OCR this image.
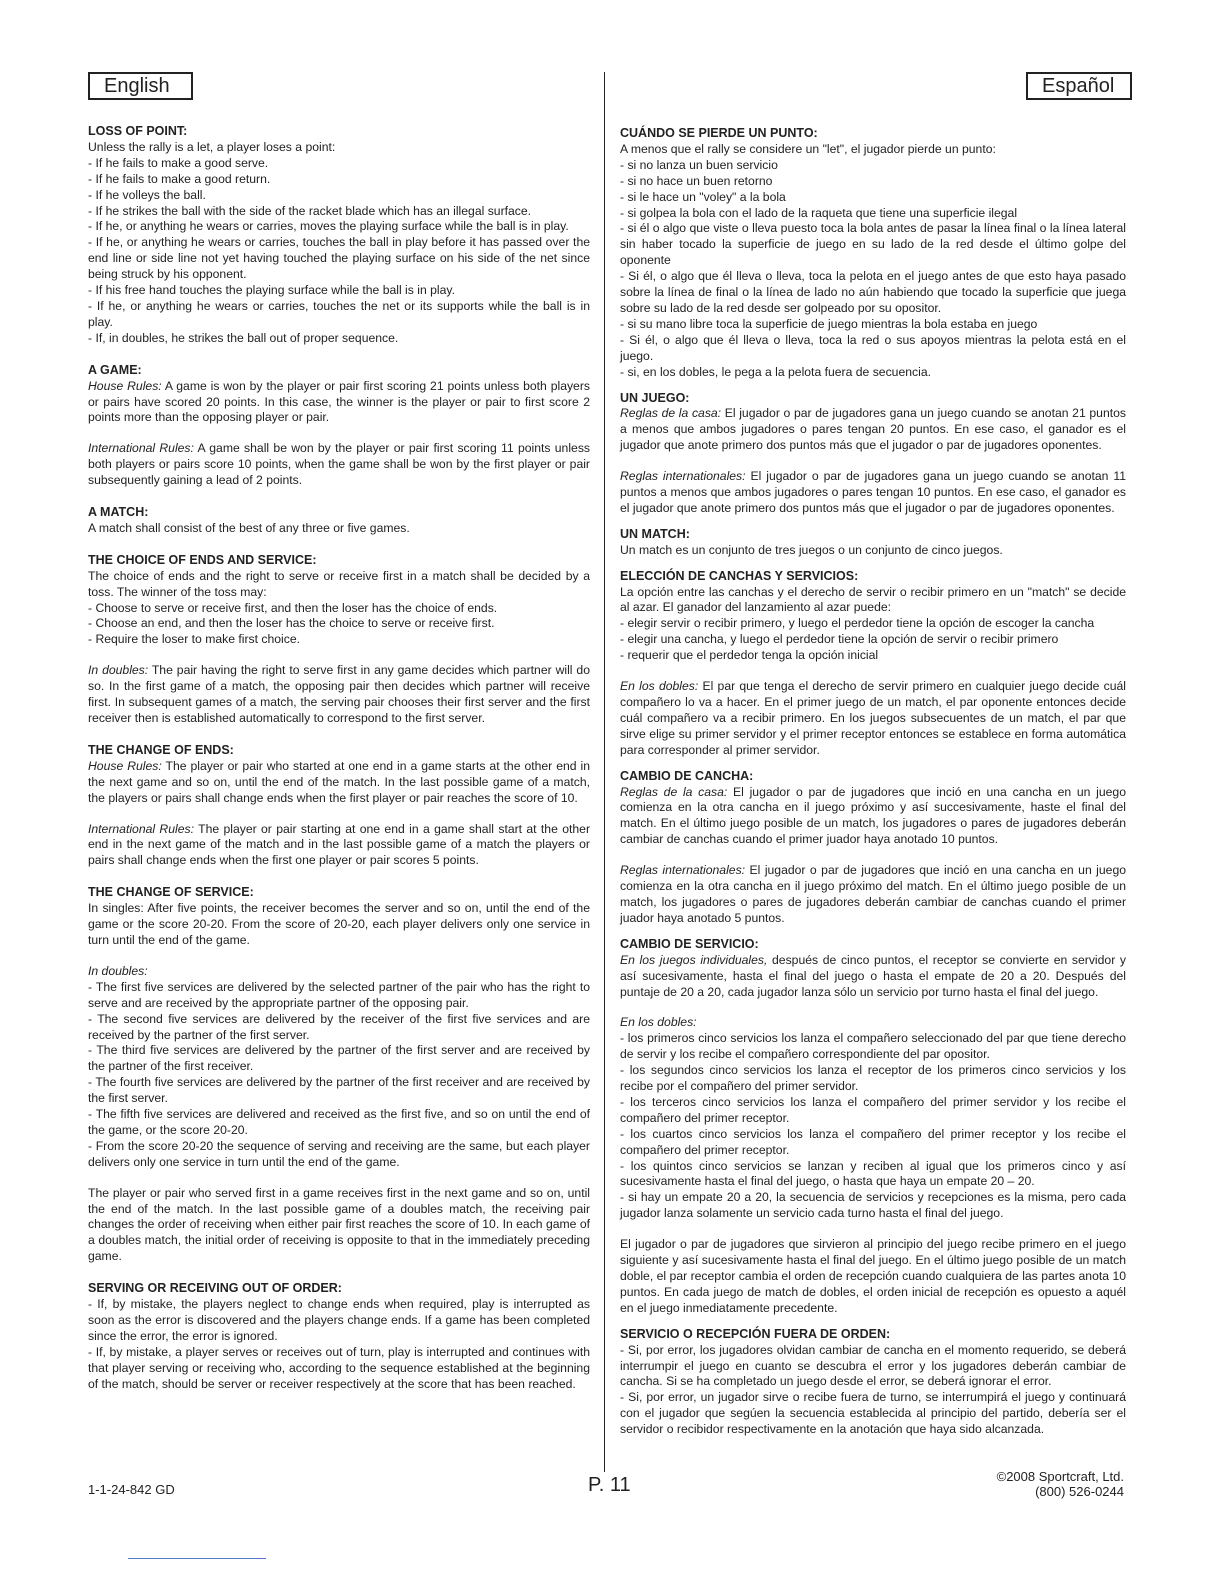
English	Español
LOSS OF POINT:
Unless the rally is a let, a player loses a point:
- If he fails to make a good serve.
- If he fails to make a good return.
- If he volleys the ball.
- If he strikes the ball with the side of the racket blade which has an illegal surface.
- If he, or anything he wears or carries, moves the playing surface while the ball is in play.
- If he, or anything he wears or carries, touches the ball in play before it has passed over the end line or side line not yet having touched the playing surface on his side of the net since being struck by his opponent.
- If his free hand touches the playing surface while the ball is in play.
- If he, or anything he wears or carries, touches the net or its supports while the ball is in play.
- If, in doubles, he strikes the ball out of proper sequence.
A GAME:

House Rules: A game is won by the player or pair first scoring 21 points unless both players or pairs have scored 20 points. In this case, the winner is the player or pair to first score 2 points more than the opposing player or pair.

International Rules: A game shall be won by the player or pair first scoring 11 points unless both players or pairs score 10 points, when the game shall be won by the first player or pair subsequently gaining a lead of 2 points.

A MATCH:
A match shall consist of the best of any three or five games.
THE CHOICE OF ENDS AND SERVICE:
The choice of ends and the right to serve or receive first in a match shall be decided by a toss. The winner of the toss may:
- Choose to serve or receive first, and then the loser has the choice of ends.
- Choose an end, and then the loser has the choice to serve or receive first.
- Require the loser to make first choice.

In doubles: The pair having the right to serve first in any game decides which partner will do so. In the first game of a match, the opposing pair then decides which partner will receive first. In subsequent games of a match, the serving pair chooses their first server and the first receiver then is established automatically to correspond to the first server.

THE CHANGE OF ENDS:

House Rules: The player or pair who started at one end in a game starts at the other end in the next game and so on, until the end of the match. In the last possible game of a match, the players or pairs shall change ends when the first player or pair reaches the score of 10.

International Rules: The player or pair starting at one end in a game shall start at the other end in the next game of the match and in the last possible game of a match the players or pairs shall change ends when the first one player or pair scores 5 points.

THE CHANGE OF SERVICE:

In singles: After five points, the receiver becomes the server and so on, until the end of the game or the score 20-20. From the score of 20-20, each player delivers only one service in turn until the end of the game.

In doubles:
- The first five services are delivered by the selected partner of the pair who has the right to serve and are received by the appropriate partner of the opposing pair.
- The second five services are delivered by the receiver of the first five services and are received by the partner of the first server.
- The third five services are delivered by the partner of the first server and are received by the partner of the first receiver.
- The fourth five services are delivered by the partner of the first receiver and are received by the first server.
- The fifth five services are delivered and received as the first five, and so on until the end of the game, or the score 20-20.
- From the score 20-20 the sequence of serving and receiving are the same, but each player delivers only one service in turn until the end of the game.

The player or pair who served first in a game receives first in the next game and so on, until the end of the match. In the last possible game of a doubles match, the receiving pair changes the order of receiving when either pair first reaches the score of 10. In each game of a doubles match, the initial order of receiving is opposite to that in the immediately preceding game.

SERVING OR RECEIVING OUT OF ORDER:
- If, by mistake, the players neglect to change ends when required, play is interrupted as soon as the error is discovered and the players change ends. If a game has been completed since the error, the error is ignored.
- If, by mistake, a player serves or receives out of turn, play is interrupted and continues with that player serving or receiving who, according to the sequence established at the beginning of the match, should be server or receiver respectively at the score that has been reached.
CUÁNDO SE PIERDE UN PUNTO:
A menos que el rally se considere un "let", el jugador pierde un punto:
- si no lanza un buen servicio
- si no hace un buen retorno
- si le hace un "voley" a la bola
- si golpea la bola con el lado de la raqueta que tiene una superficie ilegal
- si él o algo que viste o lleva puesto toca la bola antes de pasar la línea final o la línea lateral sin haber tocado la superficie de juego en su lado de la red desde el último golpe del oponente
- Si él, o algo que él lleva o lleva, toca la pelota en el juego antes de que esto haya pasado sobre la línea de final o la línea de lado no aún habiendo que tocado la superficie que juega sobre su lado de la red desde ser golpeado por su opositor.
- si su mano libre toca la superficie de juego mientras la bola estaba en juego
- Si él, o algo que él lleva o lleva, toca la red o sus apoyos mientras la pelota está en el juego.
- si, en los dobles, le pega a la pelota fuera de secuencia.
UN JUEGO:

Reglas de la casa: El jugador o par de jugadores gana un juego cuando se anotan 21 puntos a menos que ambos jugadores o pares tengan 20 puntos. En ese caso, el ganador es el jugador que anote primero dos puntos más que el jugador o par de jugadores oponentes.

Reglas internationales: El jugador o par de jugadores gana un juego cuando se anotan 11 puntos a menos que ambos jugadores o pares tengan 10 puntos. En ese caso, el ganador es el jugador que anote primero dos puntos más que el jugador o par de jugadores oponentes.

UN MATCH:
Un match es un conjunto de tres juegos o un conjunto de cinco juegos.
ELECCIÓN DE CANCHAS Y SERVICIOS:
La opción entre las canchas y el derecho de servir o recibir primero en un "match" se decide al azar. El ganador del lanzamiento al azar puede:
- elegir servir o recibir primero, y luego el perdedor tiene la opción de escoger la cancha
- elegir una cancha, y luego el perdedor tiene la opción de servir o recibir primero
- requerir que el perdedor tenga la opción inicial

En los dobles: El par que tenga el derecho de servir primero en cualquier juego decide cuál compañero lo va a hacer. En el primer juego de un match, el par oponente entonces decide cuál compañero va a recibir primero. En los juegos subsecuentes de un match, el par que sirve elige su primer servidor y el primer receptor entonces se establece en forma automática para corresponder al primer servidor.

CAMBIO DE CANCHA:

Reglas de la casa: El jugador o par de jugadores que inció en una cancha en un juego comienza en la otra cancha en il juego próximo y así succesivamente, haste el final del match. En el último juego posible de un match, los jugadores o pares de jugadores deberán cambiar de canchas cuando el primer juador haya anotado 10 puntos.

Reglas internationales: El jugador o par de jugadores que inció en una cancha en un juego comienza en la otra cancha en il juego próximo del match. En el último juego posible de un match, los jugadores o pares de jugadores deberán cambiar de canchas cuando el primer juador haya anotado 5 puntos.

CAMBIO DE SERVICIO:

En los juegos individuales, después de cinco puntos, el receptor se convierte en servidor y así sucesivamente, hasta el final del juego o hasta el empate de 20 a 20. Después del puntaje de 20 a 20, cada jugador lanza sólo un servicio por turno hasta el final del juego.

En los dobles:
- los primeros cinco servicios los lanza el compañero seleccionado del par que tiene derecho de servir y los recibe el compañero correspondiente del par opositor.
- los segundos cinco servicios los lanza el receptor de los primeros cinco servicios y los recibe por el compañero del primer servidor.
- los terceros cinco servicios los lanza el compañero del primer servidor y los recibe el compañero del primer receptor.
- los cuartos cinco servicios los lanza el compañero del primer receptor y los recibe el compañero del primer receptor.
- los quintos cinco servicios se lanzan y reciben al igual que los primeros cinco y así sucesivamente hasta el final del juego, o hasta que haya un empate 20 – 20.
- si hay un empate 20 a 20, la secuencia de servicios y recepciones es la misma, pero cada jugador lanza solamente un servicio cada turno hasta el final del juego.

El jugador o par de jugadores que sirvieron al principio del juego recibe primero en el juego siguiente y así sucesivamente hasta el final del juego. En el último juego posible de un match doble, el par receptor cambia el orden de recepción cuando cualquiera de las partes anota 10 puntos. En cada juego de match de dobles, el orden inicial de recepción es opuesto a aquél en el juego inmediatamente precedente.

SERVICIO O RECEPCIÓN FUERA DE ORDEN:
- Si, por error, los jugadores olvidan cambiar de cancha en el momento requerido, se deberá interrumpir el juego en cuanto se descubra el error y los jugadores deberán cambiar de cancha. Si se ha completado un juego desde el error, se deberá ignorar el error.
- Si, por error, un jugador sirve o recibe fuera de turno, se interrumpirá el juego y continuará con el jugador que segúen la secuencia establecida al principio del partido, debería ser el servidor o recibidor respectivamente en la anotación que haya sido alcanzada.
1-1-24-842 GD	P. 11	©2008 Sportcraft, Ltd.
(800) 526-0244
